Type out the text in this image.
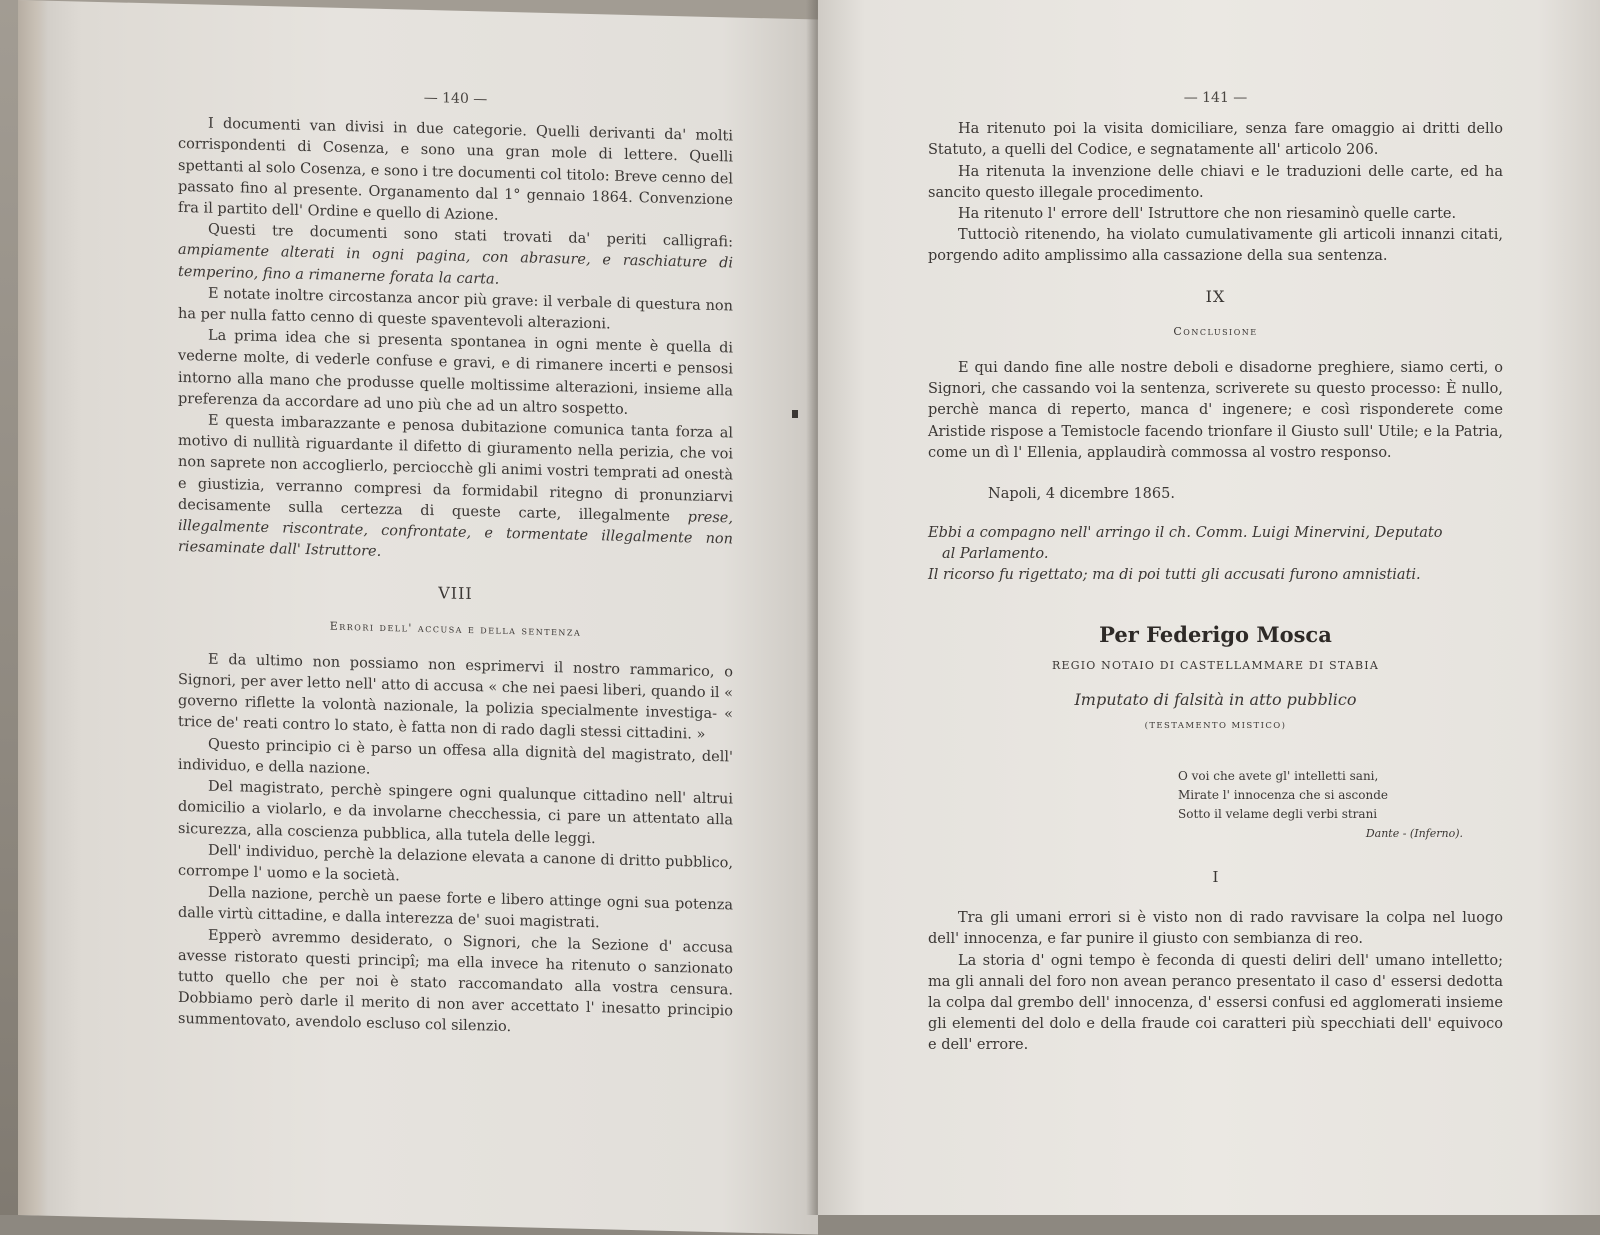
— 140 —

I documenti van divisi in due categorie. Quelli derivanti da' molti corrispondenti di Cosenza, e sono una gran mole di lettere. Quelli spettanti al solo Cosenza, e sono i tre documenti col titolo: Breve cenno del passato fino al presente. Organamento dal 1° gennaio 1864. Convenzione fra il partito dell' Ordine e quello di Azione.

Questi tre documenti sono stati trovati da' periti calligrafi: ampiamente alterati in ogni pagina, con abrasure, e raschiature di temperino, fino a rimanerne forata la carta.

E notate inoltre circostanza ancor più grave: il verbale di questura non ha per nulla fatto cenno di queste spaventevoli alterazioni.

La prima idea che si presenta spontanea in ogni mente è quella di vederne molte, di vederle confuse e gravi, e di rimanere incerti e pensosi intorno alla mano che produsse quelle moltissime alterazioni, insieme alla preferenza da accordare ad uno più che ad un altro sospetto.

E questa imbarazzante e penosa dubitazione comunica tanta forza al motivo di nullità riguardante il difetto di giuramento nella perizia, che voi non saprete non accoglierlo, perciocchè gli animi vostri temprati ad onestà e giustizia, verranno compresi da formidabil ritegno di pronunziarvi decisamente sulla certezza di queste carte, illegalmente prese, illegalmente riscontrate, confrontate, e tormentate illegalmente non riesaminate dall' Istruttore.

VIII
Errori dell' accusa e della sentenza

E da ultimo non possiamo non esprimervi il nostro rammarico, o Signori, per aver letto nell' atto di accusa « che nei paesi liberi, quando il « governo riflette la volontà nazionale, la polizia specialmente investiga- « trice de' reati contro lo stato, è fatta non di rado dagli stessi cittadini. »

Questo principio ci è parso un offesa alla dignità del magistrato, dell' individuo, e della nazione.

Del magistrato, perchè spingere ogni qualunque cittadino nell' altrui domicilio a violarlo, e da involarne checchessia, ci pare un attentato alla sicurezza, alla coscienza pubblica, alla tutela delle leggi.

Dell' individuo, perchè la delazione elevata a canone di dritto pubblico, corrompe l' uomo e la società.

Della nazione, perchè un paese forte e libero attinge ogni sua potenza dalle virtù cittadine, e dalla interezza de' suoi magistrati.

Epperò avremmo desiderato, o Signori, che la Sezione d' accusa avesse ristorato questi principî; ma ella invece ha ritenuto o sanzionato tutto quello che per noi è stato raccomandato alla vostra censura. Dobbiamo però darle il merito di non aver accettato l' inesatto principio summentovato, avendolo escluso col silenzio.

— 141 —

Ha ritenuto poi la visita domiciliare, senza fare omaggio ai dritti dello Statuto, a quelli del Codice, e segnatamente all' articolo 206.

Ha ritenuta la invenzione delle chiavi e le traduzioni delle carte, ed ha sancito questo illegale procedimento.

Ha ritenuto l' errore dell' Istruttore che non riesaminò quelle carte.

Tuttociò ritenendo, ha violato cumulativamente gli articoli innanzi citati, porgendo adito amplissimo alla cassazione della sua sentenza.

IX
Conclusione

E qui dando fine alle nostre deboli e disadorne preghiere, siamo certi, o Signori, che cassando voi la sentenza, scriverete su questo processo: È nullo, perchè manca di reperto, manca d' ingenere; e così risponderete come Aristide rispose a Temistocle facendo trionfare il Giusto sull' Utile; e la Patria, come un dì l' Ellenia, applaudirà commossa al vostro responso.

Napoli, 4 dicembre 1865.
Ebbi a compagno nell' arringo il ch. Comm. Luigi Minervini, Deputato
al Parlamento.
Il ricorso fu rigettato; ma di poi tutti gli accusati furono amnistiati.
Per Federigo Mosca
REGIO NOTAIO DI CASTELLAMMARE DI STABIA
Imputato di falsità in atto pubblico
(TESTAMENTO MISTICO)
O voi che avete gl' intelletti sani,
Mirate l' innocenza che si asconde
Sotto il velame degli verbi strani
Dante - (Inferno).
I

Tra gli umani errori si è visto non di rado ravvisare la colpa nel luogo dell' innocenza, e far punire il giusto con sembianza di reo.

La storia d' ogni tempo è feconda di questi deliri dell' umano intelletto; ma gli annali del foro non avean peranco presentato il caso d' essersi dedotta la colpa dal grembo dell' innocenza, d' essersi confusi ed agglomerati insieme gli elementi del dolo e della fraude coi caratteri più specchiati dell' equivoco e dell' errore.
